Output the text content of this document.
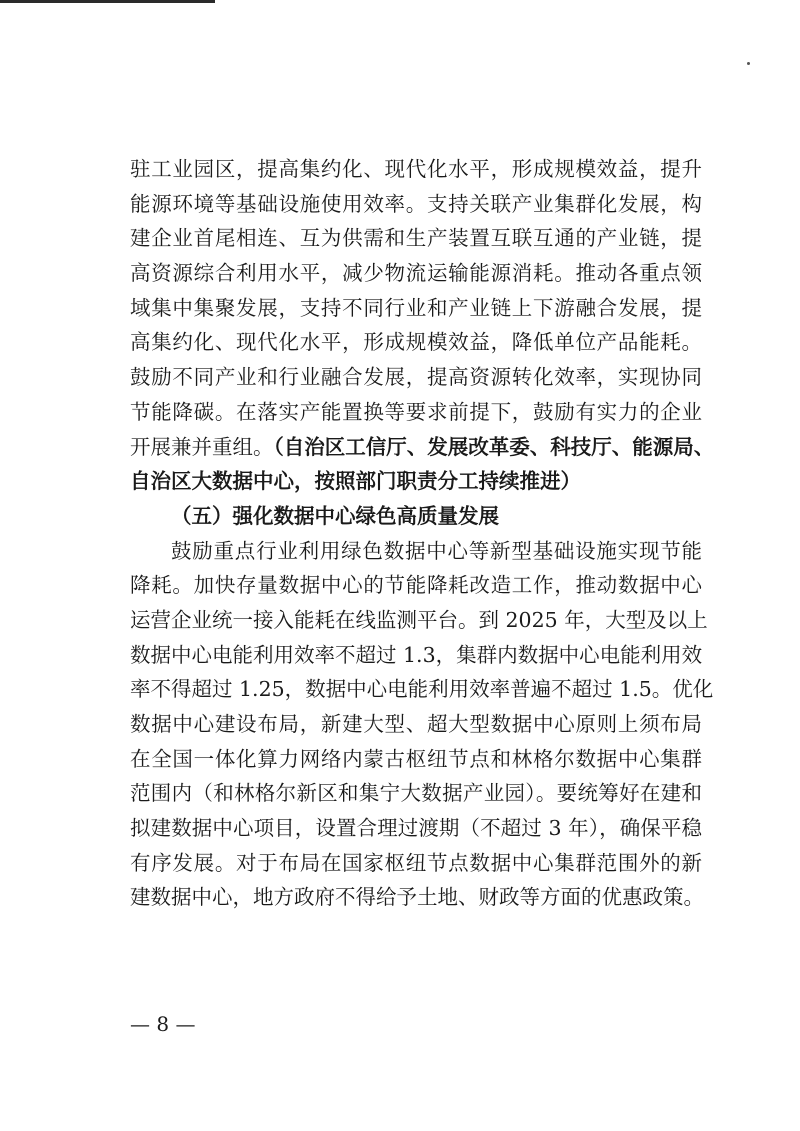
驻工业园区，提高集约化、现代化水平，形成规模效益，提升
能源环境等基础设施使用效率。支持关联产业集群化发展，构
建企业首尾相连、互为供需和生产装置互联互通的产业链，提
高资源综合利用水平，减少物流运输能源消耗。推动各重点领
域集中集聚发展，支持不同行业和产业链上下游融合发展，提
高集约化、现代化水平，形成规模效益，降低单位产品能耗。
鼓励不同产业和行业融合发展，提高资源转化效率，实现协同
节能降碳。在落实产能置换等要求前提下，鼓励有实力的企业
开展兼并重组。（自治区工信厅、发展改革委、科技厅、能源局、
自治区大数据中心，按照部门职责分工持续推进）
（五）强化数据中心绿色高质量发展
鼓励重点行业利用绿色数据中心等新型基础设施实现节能
降耗。加快存量数据中心的节能降耗改造工作，推动数据中心
运营企业统一接入能耗在线监测平台。到 2025 年，大型及以上
数据中心电能利用效率不超过 1.3，集群内数据中心电能利用效
率不得超过 1.25，数据中心电能利用效率普遍不超过 1.5。优化
数据中心建设布局，新建大型、超大型数据中心原则上须布局
在全国一体化算力网络内蒙古枢纽节点和林格尔数据中心集群
范围内（和林格尔新区和集宁大数据产业园）。要统筹好在建和
拟建数据中心项目，设置合理过渡期（不超过 3 年），确保平稳
有序发展。对于布局在国家枢纽节点数据中心集群范围外的新
建数据中心，地方政府不得给予土地、财政等方面的优惠政策。
— 8 —
